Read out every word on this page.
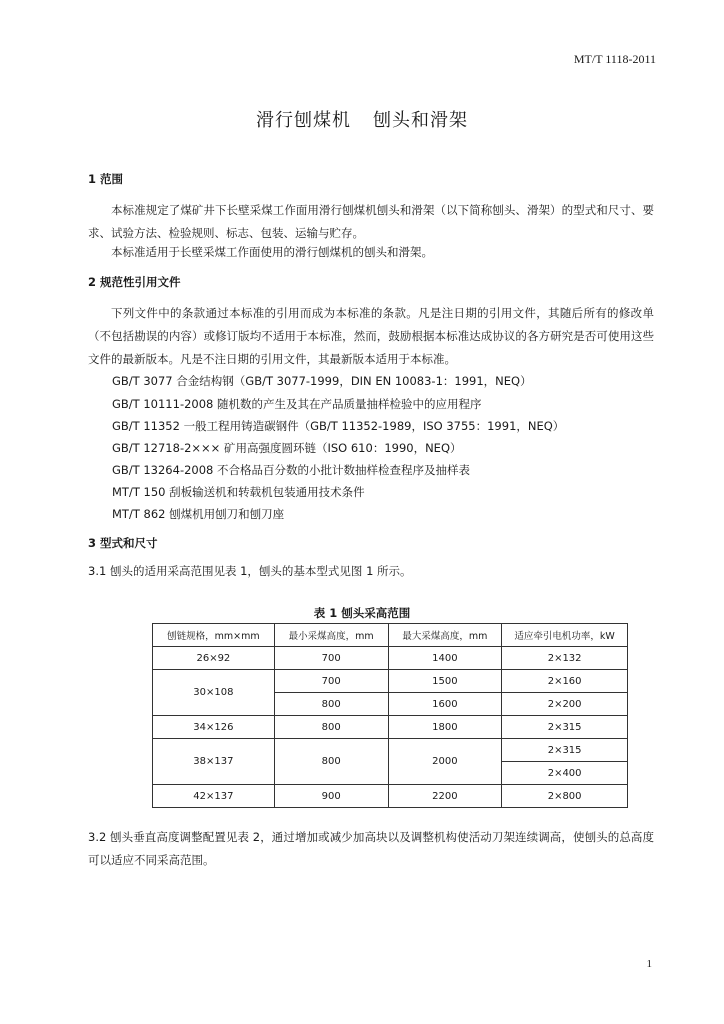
MT/T 1118-2011
滑行刨煤机 刨头和滑架
1 范围
本标准规定了煤矿井下长壁采煤工作面用滑行刨煤机刨头和滑架（以下简称刨头、滑架）的型式和尺寸、要求、试验方法、检验规则、标志、包装、运输与贮存。
本标准适用于长壁采煤工作面使用的滑行刨煤机的刨头和滑架。
2 规范性引用文件
下列文件中的条款通过本标准的引用而成为本标准的条款。凡是注日期的引用文件，其随后所有的修改单（不包括勘误的内容）或修订版均不适用于本标准，然而，鼓励根据本标准达成协议的各方研究是否可使用这些文件的最新版本。凡是不注日期的引用文件，其最新版本适用于本标准。
GB/T 3077 合金结构钢（GB/T 3077-1999，DIN EN 10083-1：1991，NEQ）
GB/T 10111-2008 随机数的产生及其在产品质量抽样检验中的应用程序
GB/T 11352 一般工程用铸造碳钢件（GB/T 11352-1989，ISO 3755：1991，NEQ）
GB/T 12718-2××× 矿用高强度圆环链（ISO 610：1990，NEQ）
GB/T 13264-2008 不合格品百分数的小批计数抽样检查程序及抽样表
MT/T 150 刮板输送机和转载机包装通用技术条件
MT/T 862 刨煤机用刨刀和刨刀座
3 型式和尺寸
3.1 刨头的适用采高范围见表 1，刨头的基本型式见图 1 所示。
表 1 刨头采高范围
刨链规格，mm×mm	最小采煤高度，mm	最大采煤高度，mm	适应牵引电机功率，kW
26×92	700	1400	2×132
30×108	700	1500	2×160
	800	1600	2×200
34×126	800	1800	2×315
38×137	800	2000	2×315
			2×400
42×137	900	2200	2×800
3.2 刨头垂直高度调整配置见表 2，通过增加或减少加高块以及调整机构使活动刀架连续调高，使刨头的总高度可以适应不同采高范围。
1
